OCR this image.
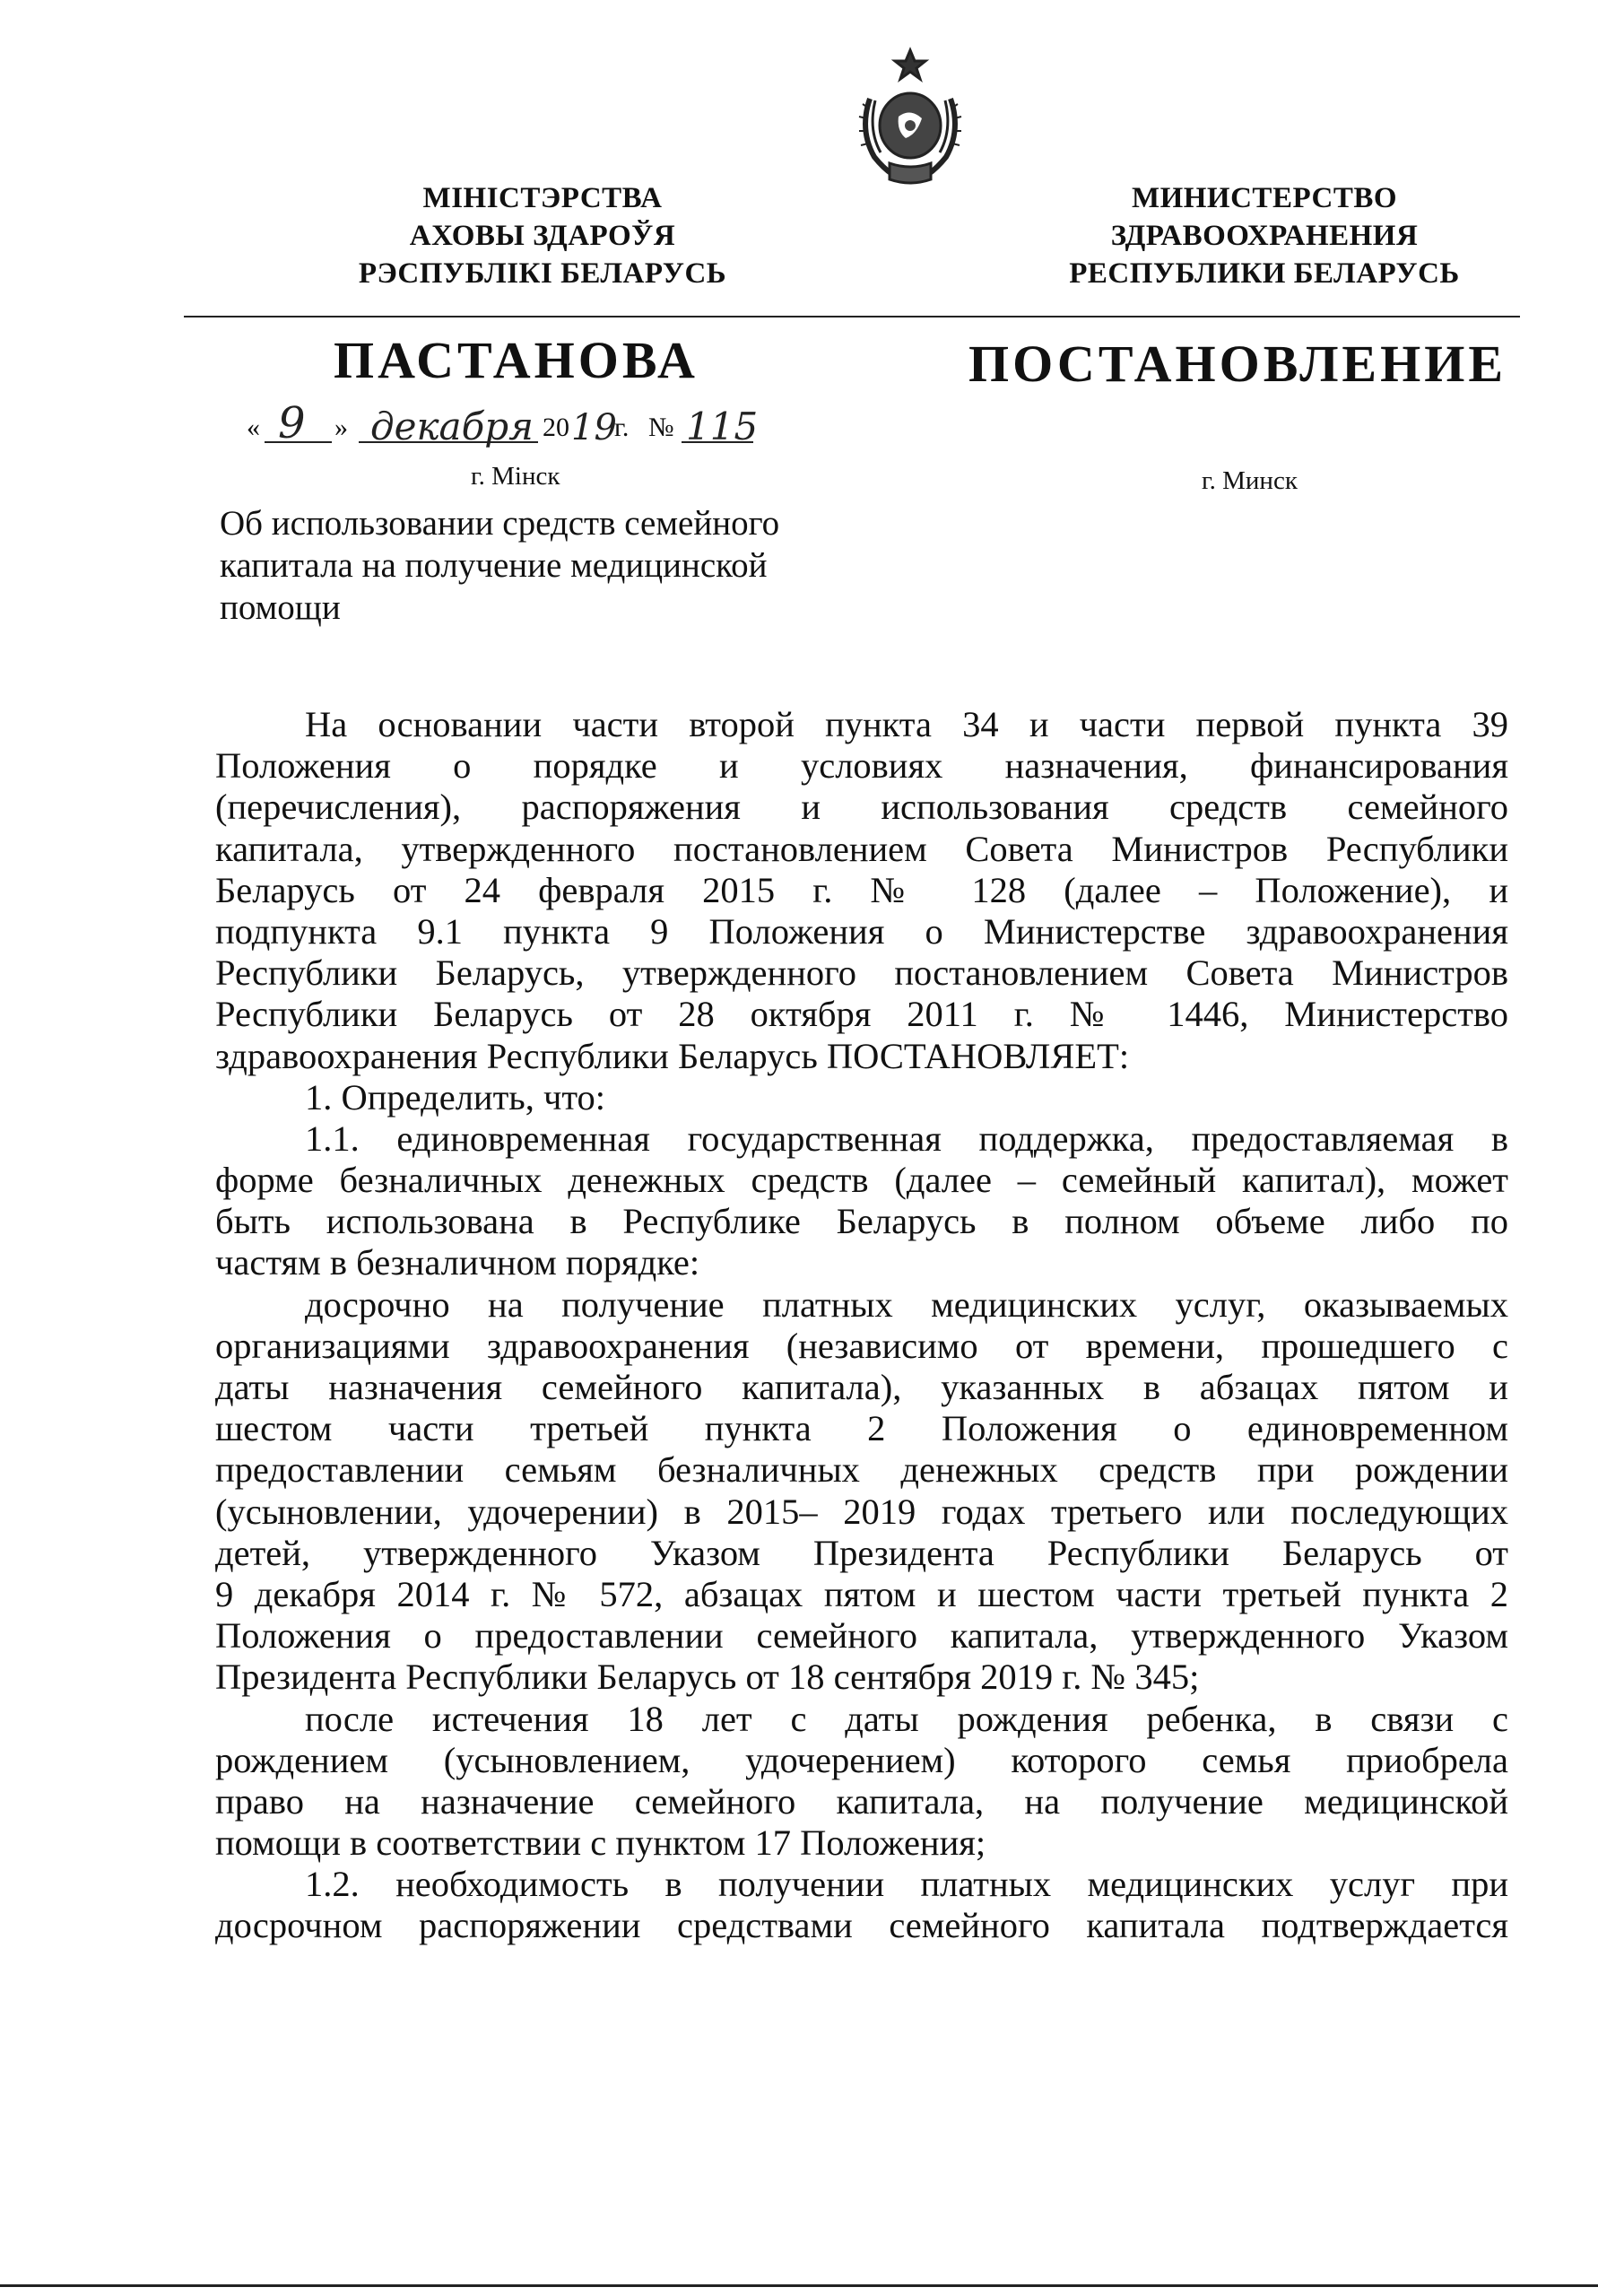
МІНІСТЭРСТВА
АХОВЫ ЗДАРОЎЯ
РЭСПУБЛІКІ БЕЛАРУСЬ
МИНИСТЕРСТВО
ЗДРАВООХРАНЕНИЯ
РЕСПУБЛИКИ БЕЛАРУСЬ
ПАСТАНОВА	ПОСТАНОВЛЕНИЕ
« 9 » декабря 20 19
г. № 115
г. Мінск	г. Минск
Об использовании средств семейного
капитала на получение медицинской
помощи
На основании части второй пункта 34 и части первой пункта 39
Положения о порядке и условиях назначения, финансирования
(перечисления), распоряжения и использования средств семейного
капитала, утвержденного постановлением Совета Министров Республики
Беларусь от 24 февраля 2015 г. № 128 (далее – Положение), и
подпункта 9.1 пункта 9 Положения о Министерстве здравоохранения
Республики Беларусь, утвержденного постановлением Совета Министров
Республики Беларусь от 28 октября 2011 г. № 1446, Министерство
здравоохранения Республики Беларусь ПОСТАНОВЛЯЕТ:
1. Определить, что:
1.1. единовременная государственная поддержка, предоставляемая в
форме безналичных денежных средств (далее – семейный капитал), может
быть использована в Республике Беларусь в полном объеме либо по
частям в безналичном порядке:
досрочно на получение платных медицинских услуг, оказываемых
организациями здравоохранения (независимо от времени, прошедшего с
даты назначения семейного капитала), указанных в абзацах пятом и
шестом части третьей пункта 2 Положения о единовременном
предоставлении семьям безналичных денежных средств при рождении
(усыновлении, удочерении) в 2015– 2019 годах третьего или последующих
детей, утвержденного Указом Президента Республики Беларусь от
9 декабря 2014 г. № 572, абзацах пятом и шестом части третьей пункта 2
Положения о предоставлении семейного капитала, утвержденного Указом
Президента Республики Беларусь от 18 сентября 2019 г. № 345;
после истечения 18 лет с даты рождения ребенка, в связи с
рождением (усыновлением, удочерением) которого семья приобрела
право на назначение семейного капитала, на получение медицинской
помощи в соответствии с пунктом 17 Положения;
1.2. необходимость в получении платных медицинских услуг при
досрочном распоряжении средствами семейного капитала подтверждается
